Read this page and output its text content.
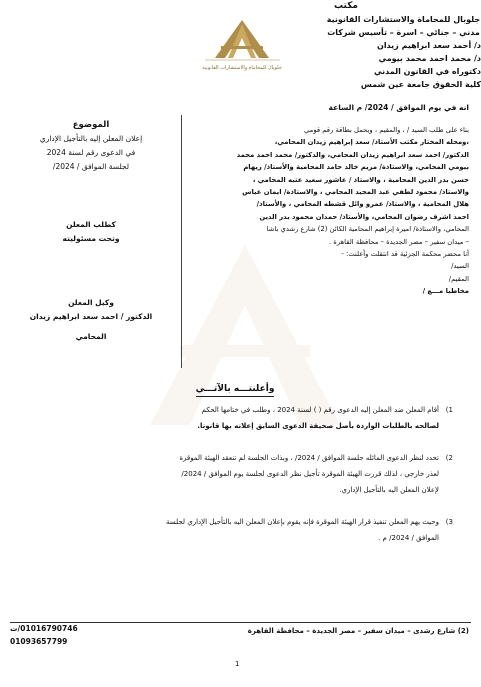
مكتب
جلوبال للمحاماة والاستشارات القانونية
مدني – جنائي – اسرة – تأسيس شركات
جلوبال للمحاماة والاستشارات القانونية
د/ أحمد سعد ابراهيم زيدان
د/ محمد احمد محمد بيومي
دكتوراه في القانون المدني
كلية الحقوق جامعة عين شمس
انه في يوم الموافق / 2024/ م الساعة
بناء على طلب السيد / ، والمقيم ، ويحمل بطاقة رقم قومي
،ومحله المختار مكتب الأستاذ/ سعد إبراهيم زيدان المحامي،
الدكتور/ احمد سعد ابراهيم زيدان المحامي، والدكتور/ محمد احمد محمد
بيومي المحامي، والاستاذة/ مريم خالد حامد المحامية والأستاذ/ ريهام
حسن بدر الدين المحامية ، والاستاذ / عاشور سعيد عتبه المحامي ،
والاستاذ/ محمود لطفي عبد المجيد المحامي ، والاستاذة/ ايمان عباس
هلال المحامية ، والاستاذ/ عمرو وائل قشطه المحامي ، والأستاذ/
احمد اشرف رضوان المحامي، والأستاذ/ حمدان محمود بدر الدين
المحامي، والاستاذة/ اميرة إبراهيم المحامية الكائن (2) شارع رشدي باشا
– ميدان سفير – مصر الجديدة – محافظة القاهرة .
أنا محضر محكمة الجزئية قد انتقلت وأعلنت: -
السيد/
المقيم/
مخاطبا مـــع /
الموضوع
إعلان المعلن إليه بالتأجيل الإداري
في الدعوى رقم لسنة 2024
لجلسة الموافق / 2024/
كطلب المعلن
وتحت مسئوليته
وكيل المعلن
الدكتور / احمد سعد ابراهيم زيدان
المحامي
وأعلنتـــه بالآتـــي
1)أقام المعلن ضد المعلن إليه الدعوى رقم ( ) لسنة 2024 ، وطلب في ختامها الحكم
لصالحه بالطلبات الواردة بأصل صحيفة الدعوى السابق إعلانه بها قانونا.
2)تحدد لنظر الدعوى المائله جلسة الموافق / 2024/ ، وبذات الجلسة لم تنعقد الهيئة الموقرة
لعذر خارجي ، لذلك قررت الهيئة الموقرة تأجيل نظر الدعوى لجلسة يوم الموافق / 2024/
لإعلان المعلن اليه بالتأجيل الإداري.
3)وحيث يهم المعلن تنفيذ قرار الهيئة الموقرة فإنه يقوم بإعلان المعلن اليه بالتأجيل الإداري لجلسة
الموافق / 2024/ م .
(2) شارع رشدى – ميدان سفير – مصر الجديدة – محافظة القاهرة
01016790746/ت
01093657799
1
